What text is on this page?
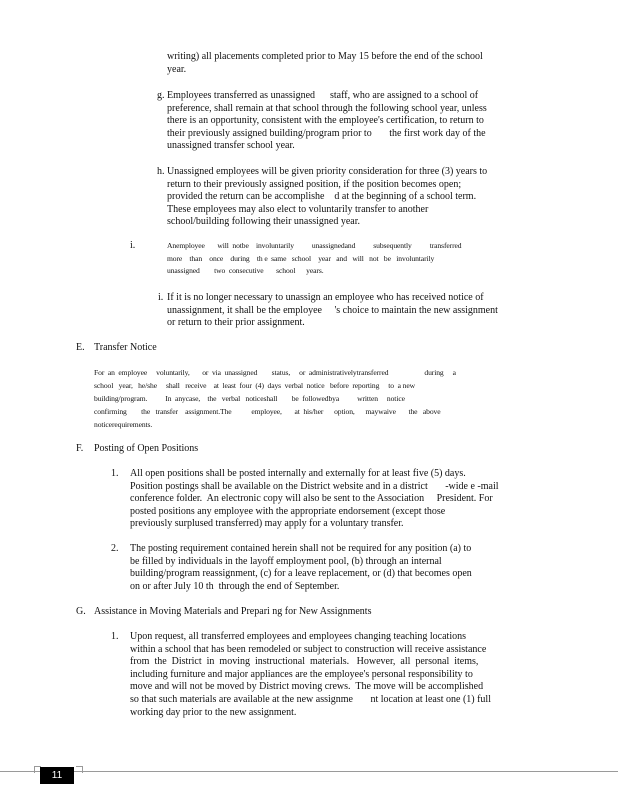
writing) all placements completed prior to May 15 before the end of the school
year.
g. Employees transferred as unassigned      staff, who are assigned to a school of
preference, shall remain at that school through the following school year, unless
there is an opportunity, consistent with the employee's certification, to return to
their previously assigned building/program prior to       the first work day of the
unassigned transfer school year.
h. Unassigned employees will be given priority consideration for three (3) years to
return to their previously assigned position, if the position becomes open;
provided the return can be accomplishe    d at the beginning of a school term.
These employees may also elect to voluntarily transfer to another
school/building following their unassigned year.
i.	Anemployee       will  notbe    involuntarily          unassignedand          subsequently          transferred
more    than    once    during    th e  same   school    year   and   will   not   be   involuntarily
unassigned        two  consecutive       school      years.
i. If it is no longer necessary to unassign an employee who has received notice of
unassignment, it shall be the employee     's choice to maintain the new assignment
or return to their prior assignment.
E. Transfer Notice
For  an  employee     voluntarily,       or  via  unassigned        status,     or  administrativelytransferred                    during     a
school   year,   he/she     shall   receive    at  least  four  (4)  days  verbal  notice   before  reporting     to  a new
building/program.          In  anycase,    the   verbal   noticeshall        be  followedbya          written     notice
confirming        the   transfer    assignment.The           employee,       at  his/her      option,      maywaive       the   above
noticerequirements.
F. Posting of Open Positions
1. All open positions shall be posted internally and externally for at least five (5) days.
Position postings shall be available on the District website and in a district       -wide e -mail
conference folder.  An electronic copy will also be sent to the Association     President. For
posted positions any employee with the appropriate endorsement (except those
previously surplused transferred) may apply for a voluntary transfer.
2. The posting requirement contained herein shall not be required for any position (a) to
be filled by individuals in the layoff employment pool, (b) through an internal
building/program reassignment, (c) for a leave replacement, or (d) that becomes open
on or after July 10 th  through the end of September.
G. Assistance in Moving Materials and Prepari ng for New Assignments
1. Upon request, all transferred employees and employees changing teaching locations
within a school that has been remodeled or subject to construction will receive assistance
from  the  District  in  moving  instructional  materials.   However,  all  personal  items,
including furniture and major appliances are the employee's personal responsibility to
move and will not be moved by District moving crews.  The move will be accomplished
so that such materials are available at the new assignme       nt location at least one (1) full
working day prior to the new assignment.
11
